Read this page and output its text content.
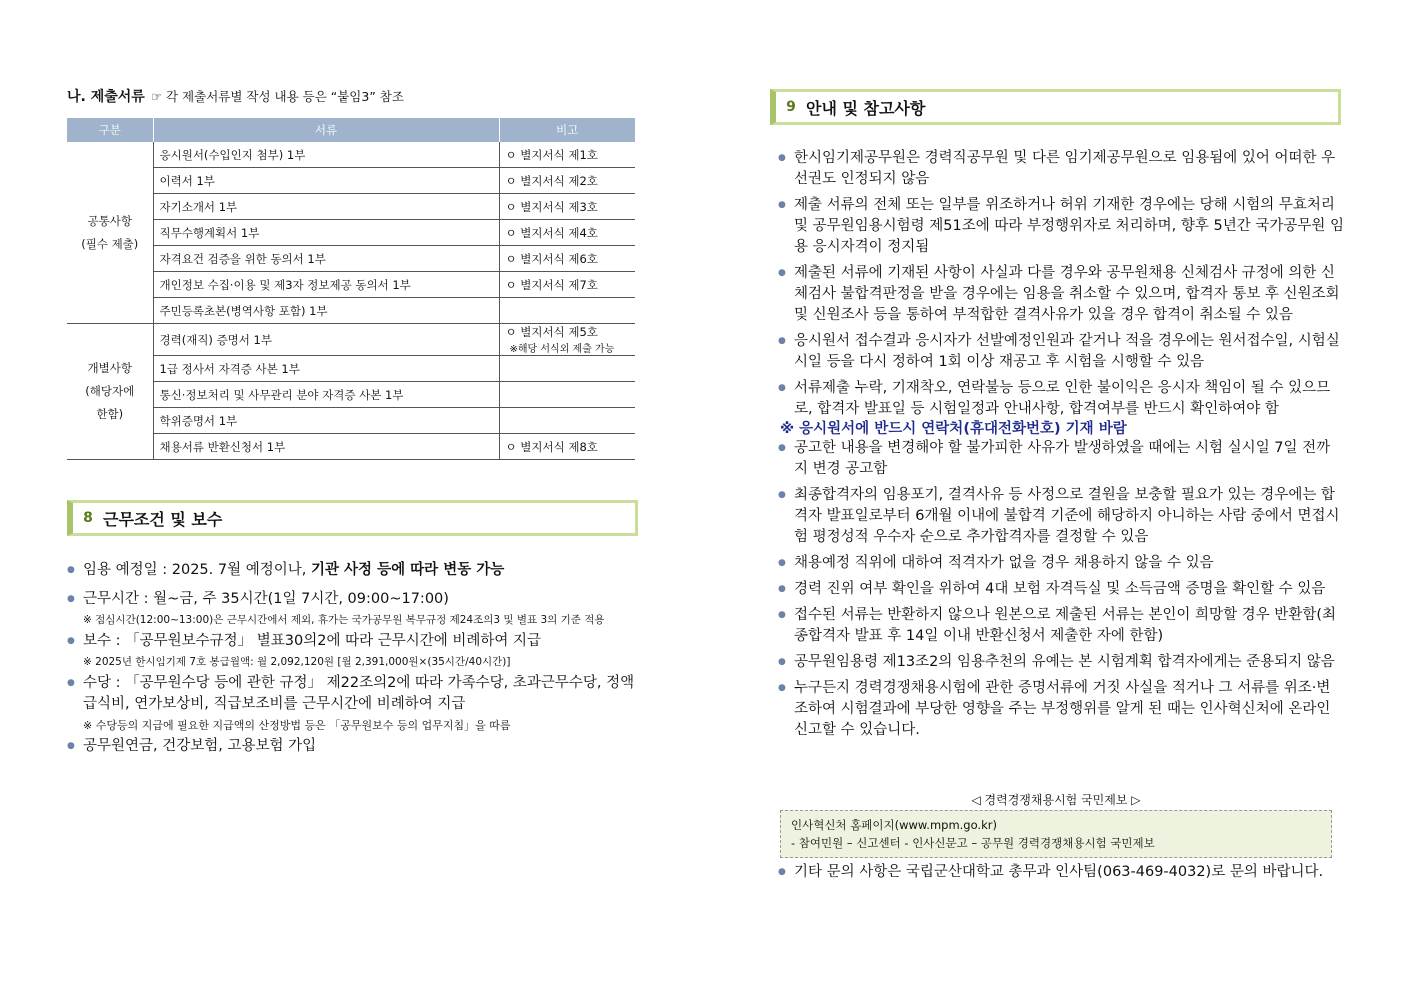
나. 제출서류 ☞ 각 제출서류별 작성 내용 등은 “붙임3” 참조
구분	서류	비고
공통사항
(필수 제출)	응시원서(수입인지 첨부) 1부	ㅇ 별지서식 제1호
	이력서 1부	ㅇ 별지서식 제2호
	자기소개서 1부	ㅇ 별지서식 제3호
	직무수행계획서 1부	ㅇ 별지서식 제4호
	자격요건 검증을 위한 동의서 1부	ㅇ 별지서식 제6호
	개인정보 수집·이용 및 제3자 정보제공 동의서 1부	ㅇ 별지서식 제7호
	주민등록초본(병역사항 포함) 1부	
개별사항
(해당자에
한함)	경력(재직) 증명서 1부	ㅇ 별지서식 제5호
※해당 서식외 제출 가능

	1급 정사서 자격증 사본 1부	
	통신·정보처리 및 사무관리 분야 자격증 사본 1부	
	학위증명서 1부	
	채용서류 반환신청서 1부	ㅇ 별지서식 제8호
8 근무조건 및 보수
● 임용 예정일 : 2025. 7월 예정이나, 기관 사정 등에 따라 변동 가능
● 근무시간 : 월~금, 주 35시간(1일 7시간, 09:00~17:00)
※ 점심시간(12:00~13:00)은 근무시간에서 제외, 휴가는 국가공무원 복무규정 제24조의3 및 별표 3의 기준 적용
● 보수 : 「공무원보수규정」 별표30의2에 따라 근무시간에 비례하여 지급
※ 2025년 한시임기제 7호 봉급월액: 월 2,092,120원 [월 2,391,000원×(35시간/40시간)]
● 수당 : 「공무원수당 등에 관한 규정」 제22조의2에 따라 가족수당, 초과근무수당, 정액급식비, 연가보상비, 직급보조비를 근무시간에 비례하여 지급
※ 수당등의 지급에 필요한 지급액의 산정방법 등은 「공무원보수 등의 업무지침」을 따름
● 공무원연금, 건강보험, 고용보험 가입
9 안내 및 참고사항
● 한시임기제공무원은 경력직공무원 및 다른 임기제공무원으로 임용됨에 있어 어떠한 우선권도 인정되지 않음
● 제출 서류의 전체 또는 일부를 위조하거나 허위 기재한 경우에는 당해 시험의 무효처리 및 공무원임용시험령 제51조에 따라 부정행위자로 처리하며, 향후 5년간 국가공무원 임용 응시자격이 정지됨
● 제출된 서류에 기재된 사항이 사실과 다를 경우와 공무원채용 신체검사 규정에 의한 신체검사 불합격판정을 받을 경우에는 임용을 취소할 수 있으며, 합격자 통보 후 신원조회 및 신원조사 등을 통하여 부적합한 결격사유가 있을 경우 합격이 취소될 수 있음
● 응시원서 접수결과 응시자가 선발예정인원과 같거나 적을 경우에는 원서접수일, 시험실시일 등을 다시 정하여 1회 이상 재공고 후 시험을 시행할 수 있음
● 서류제출 누락, 기재착오, 연락불능 등으로 인한 불이익은 응시자 책임이 될 수 있으므로, 합격자 발표일 등 시험일정과 안내사항, 합격여부를 반드시 확인하여야 함
※ 응시원서에 반드시 연락처(휴대전화번호) 기재 바람
● 공고한 내용을 변경해야 할 불가피한 사유가 발생하였을 때에는 시험 실시일 7일 전까지 변경 공고함
● 최종합격자의 임용포기, 결격사유 등 사정으로 결원을 보충할 필요가 있는 경우에는 합격자 발표일로부터 6개월 이내에 불합격 기준에 해당하지 아니하는 사람 중에서 면접시험 평정성적 우수자 순으로 추가합격자를 결정할 수 있음
● 채용예정 직위에 대하여 적격자가 없을 경우 채용하지 않을 수 있음
● 경력 진위 여부 확인을 위하여 4대 보험 자격득실 및 소득금액 증명을 확인할 수 있음
● 접수된 서류는 반환하지 않으나 원본으로 제출된 서류는 본인이 희망할 경우 반환함(최종합격자 발표 후 14일 이내 반환신청서 제출한 자에 한함)
● 공무원임용령 제13조2의 임용추천의 유예는 본 시험계획 합격자에게는 준용되지 않음
● 누구든지 경력경쟁채용시험에 관한 증명서류에 거짓 사실을 적거나 그 서류를 위조·변조하여 시험결과에 부당한 영향을 주는 부정행위를 알게 된 때는 인사혁신처에 온라인 신고할 수 있습니다.
◁ 경력경쟁채용시험 국민제보 ▷
인사혁신처 홈페이지(www.mpm.go.kr)
- 참여민원 – 신고센터 - 인사신문고 – 공무원 경력경쟁채용시험 국민제보
● 기타 문의 사항은 국립군산대학교 총무과 인사팀(063-469-4032)로 문의 바랍니다.
